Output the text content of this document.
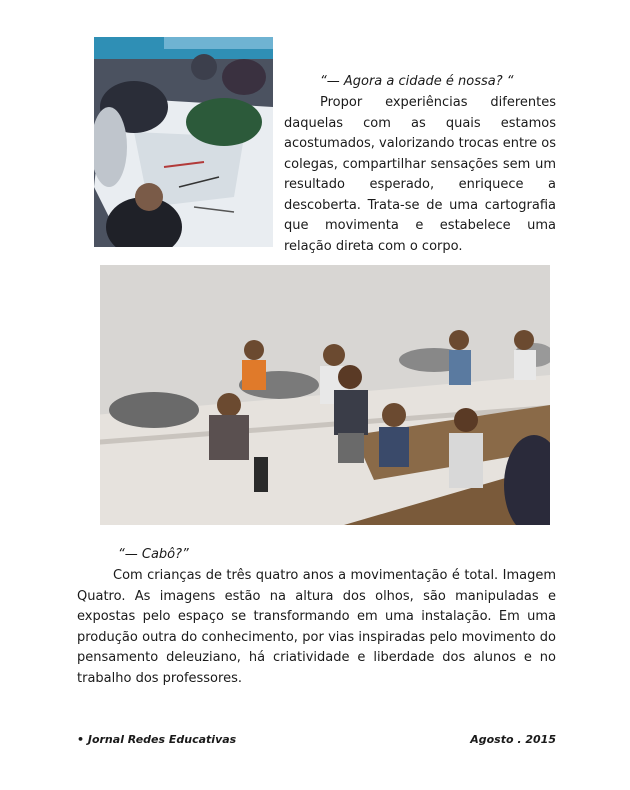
“— Agora a cidade é nossa? “

Propor experiências diferentes daquelas com as quais estamos acostumados, valorizando trocas entre os colegas, compartilhar sensações sem um resultado esperado, enriquece a descoberta. Trata-se de uma cartografia que movimenta e estabelece uma relação direta com o corpo.

“— Cabô?”

Com crianças de três quatro anos a movimentação é total. Imagem Quatro. As imagens estão na altura dos olhos, são manipuladas e expostas pelo espaço se transformando em uma instalação. Em uma produção outra do conhecimento, por vias inspiradas pelo movimento do pensamento deleuziano, há criatividade e liberdade dos alunos e no trabalho dos professores.

• Jornal Redes Educativas	Agosto . 2015
